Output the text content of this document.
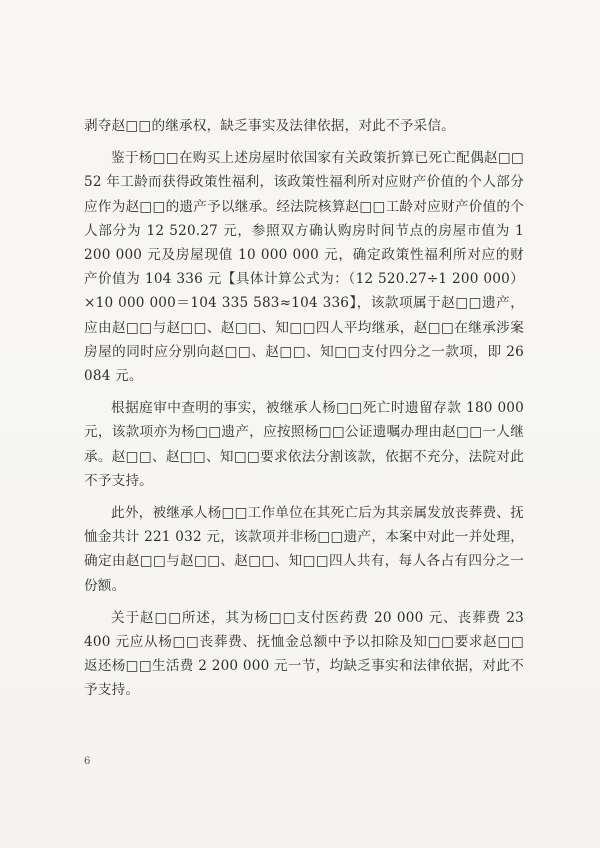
剥夺赵□□的继承权，缺乏事实及法律依据，对此不予采信。

鉴于杨□□在购买上述房屋时依国家有关政策折算已死亡配偶赵□□ 52 年工龄而获得政策性福利，该政策性福利所对应财产价值的个人部分应作为赵□□的遗产予以继承。经法院核算赵□□工龄对应财产价值的个人部分为 12 520.27 元，参照双方确认购房时间节点的房屋市值为 1 200 000 元及房屋现值 10 000 000 元，确定政策性福利所对应的财产价值为 104 336 元【具体计算公式为：（12 520.27÷1 200 000）×10 000 000＝104 335 583≈104 336】，该款项属于赵□□遗产，应由赵□□与赵□□、赵□□、知□□四人平均继承，赵□□在继承涉案房屋的同时应分别向赵□□、赵□□、知□□支付四分之一款项，即 26 084 元。

根据庭审中查明的事实，被继承人杨□□死亡时遗留存款 180 000 元，该款项亦为杨□□遗产，应按照杨□□公证遗嘱办理由赵□□一人继承。赵□□、赵□□、知□□要求依法分割该款，依据不充分，法院对此不予支持。

此外，被继承人杨□□工作单位在其死亡后为其亲属发放丧葬费、抚恤金共计 221 032 元，该款项并非杨□□遗产，本案中对此一并处理，确定由赵□□与赵□□、赵□□、知□□四人共有，每人各占有四分之一份额。

关于赵□□所述，其为杨□□支付医药费 20 000 元、丧葬费 23 400 元应从杨□□丧葬费、抚恤金总额中予以扣除及知□□要求赵□□返还杨□□生活费 2 200 000 元一节，均缺乏事实和法律依据，对此不予支持。

6
